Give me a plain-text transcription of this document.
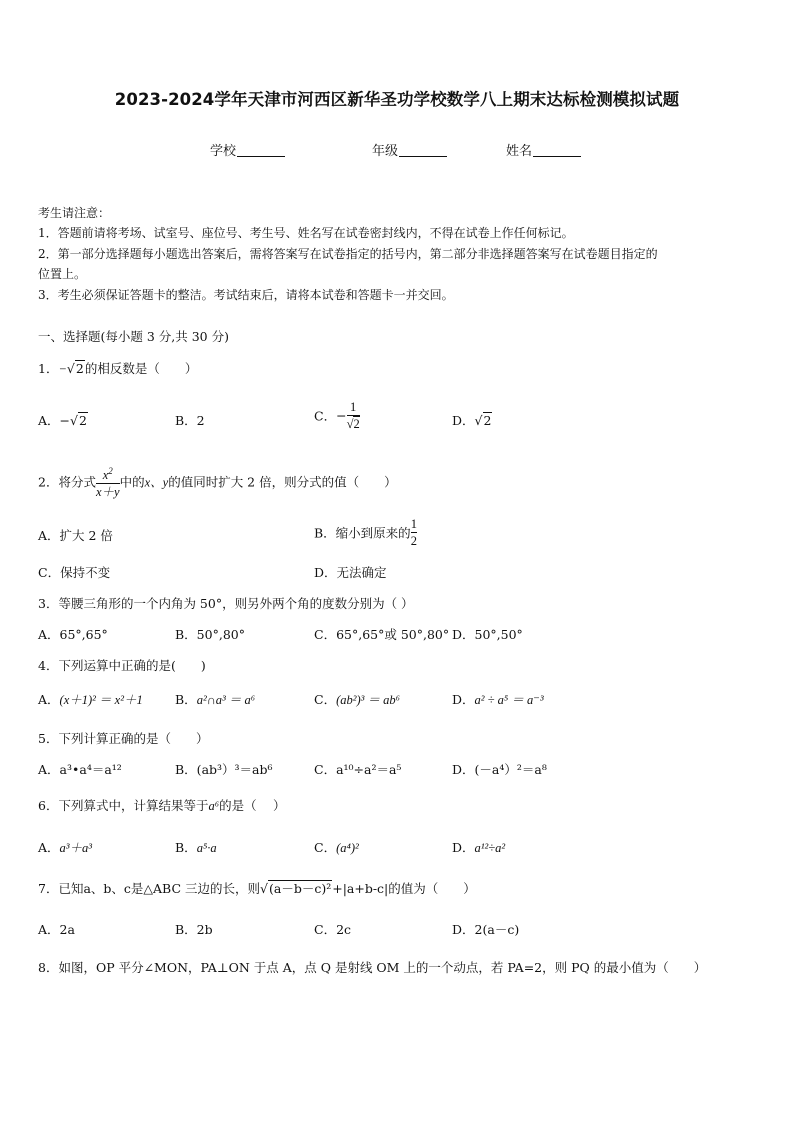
2023-2024学年天津市河西区新华圣功学校数学八上期末达标检测模拟试题
学校	年级	姓名
考生请注意：
1．答题前请将考场、试室号、座位号、考生号、姓名写在试卷密封线内，不得在试卷上作任何标记。
2．第一部分选择题每小题选出答案后，需将答案写在试卷指定的括号内，第二部分非选择题答案写在试卷题目指定的
位置上。
3．考生必须保证答题卡的整洁。考试结束后，请将本试卷和答题卡一并交回。
一、选择题(每小题 3 分,共 30 分)
1．−√2的相反数是（　　）
A．−√2	B．2	C．− $\frac{1}{√2}$	D．√2
2．将分式 $\frac{x^2}{x+y}$ 中的x、y的值同时扩大 2 倍，则分式的值（　　）
A．扩大 2 倍	B．缩小到原来的 $\frac{1}{2}$
C．保持不变	D．无法确定
3．等腰三角形的一个内角为 50°，则另外两个角的度数分别为（ ）
A．65°,65°	B．50°,80°	C．65°,65°或 50°,80° D．50°,50°
4．下列运算中正确的是(　　)
A．(x＋1)² ＝ x²＋1	B．a²∩a³ ＝ a⁶	C．(ab²)³ ＝ ab⁶	D．a² ÷ a⁵ ＝ a⁻³
5．下列计算正确的是（　　）
A．a³•a⁴＝a¹²	B．(ab³）³＝ab⁶	C．a¹⁰÷a²＝a⁵	D．(－a⁴）²＝a⁸
6．下列算式中，计算结果等于a⁶的是（　 ）
A．a³＋a³	B．a⁵·a	C．(a⁴)²	D．a¹²÷a²
7．已知a、b、c是△ABC 三边的长，则√(a－b－c)²+|a+b-c|的值为（　　）
A．2a	B．2b	C．2c	D．2(a－c)
8．如图，OP 平分∠MON，PA⊥ON 于点 A，点 Q 是射线 OM 上的一个动点，若 PA=2，则 PQ 的最小值为（　　）
